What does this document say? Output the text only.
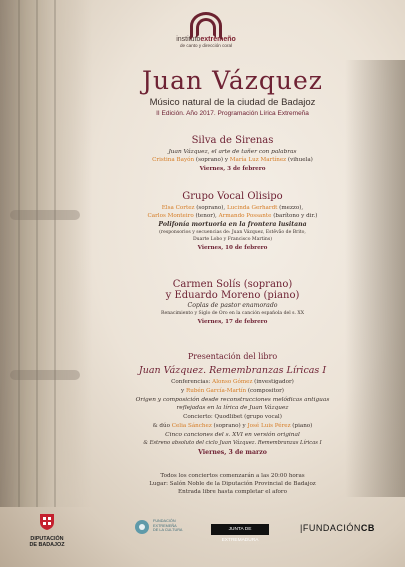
institutoextremeño
de canto y dirección coral
Juan Vázquez
Músico natural de la ciudad de Badajoz
II Edición. Año 2017. Programación Lírica Extremeña
Silva de Sirenas
Juan Vázquez, el arte de tañer con palabras
Cristina Bayón (soprano) y María Luz Martínez (vihuela)
Viernes, 3 de febrero
Grupo Vocal Olisipo
Elsa Cortez (soprano), Lucinda Gerhardt (mezzo),
Carlos Monteiro (tenor), Armando Possante (barítono y dir.)
Polifonía mortuoria en la frontera lusitana
(responsorios y secuencias de: Juan Vázquez, Estêvão de Brito,
Duarte Lobo y Francisco Martins)
Viernes, 10 de febrero
Carmen Solís (soprano)
y Eduardo Moreno (piano)
Coplas de pastor enamorado
Renacimiento y Siglo de Oro en la canción española del s. XX
Viernes, 17 de febrero
Presentación del libro
Juan Vázquez. Remembranzas Líricas I
Conferencias: Alonso Gómez (investigador)
y Rubén García-Martín (compositor)
Origen y composición desde reconstrucciones melódicas antiguas
reflejadas en la lírica de Juan Vázquez
Concierto: Quodlibet (grupo vocal)
& dúo Celia Sánchez (soprano) y José Luis Pérez (piano)
Cinco canciones del s. XVI en versión original
& Estreno absoluto del ciclo Juan Vázquez. Remembranzas Líricas I
Viernes, 3 de marzo
Todos los conciertos comenzarán a las 20:00 horas
Lugar: Salón Noble de la Diputación Provincial de Badajoz
Entrada libre hasta completar el aforo
DIPUTACIÓN
DE BADAJOZ
FUNDACIÓN
EXTREMEÑA
DE LA CULTURA	JUNTA DE EXTREMADURA
|FUNDACIÓNCB
